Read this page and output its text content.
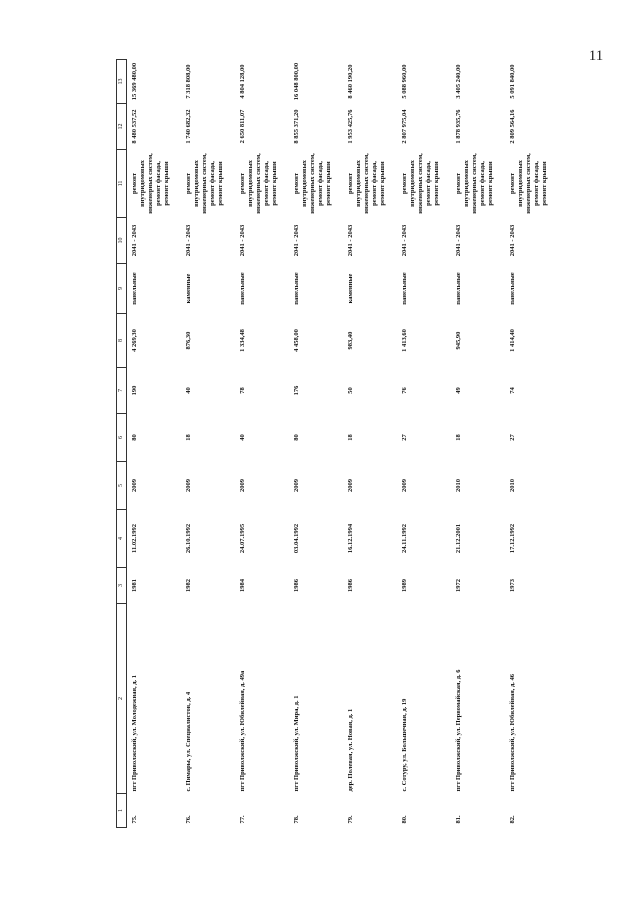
11
1	2	3	4	5	6	7	8	9	10	11	12	13
75.	пгт Приволжский, ул. Молодежная, д. 1	1981	11.02.1992	2009	80	190	4 269,30	панельные	2041 - 2043	ремонт внутридомовых инженерных систем, ремонт фасада, ремонт крыши	8 480 537,52	15 369 480,00
76.	с. Пимары, ул. Специалистов, д. 4	1982	26.10.1992	2009	18	40	876,30	каменные	2041 - 2043	ремонт внутридомовых инженерных систем, ремонт фасада, ремонт крыши	1 740 682,32	7 318 808,00
77.	пгт Приволжский, ул. Юбилейная, д. 49а	1984	24.07.1995	2009	40	78	1 334,48	панельные	2041 - 2043	ремонт внутридомовых инженерных систем, ремонт фасада, ремонт крыши	2 650 811,07	4 804 128,00
78.	пгт Приволжский, ул. Мира, д. 1	1986	03.04.1992	2009	80	176	4 458,00	панельные	2041 - 2043	ремонт внутридомовых инженерных систем, ремонт фасада, ремонт крыши	8 855 371,20	16 048 800,00
79.	дер. Полевая, ул. Новая, д. 1	1986	16.12.1994	2009	18	50	983,40	каменные	2041 - 2043	ремонт внутридомовых инженерных систем, ремонт фасада, ремонт крыши	1 953 425,76	8 460 190,20
80.	с. Сотуру, ул. Большечная, д. 19	1989	24.11.1992	2009	27	76	1 413,60	панельные	2041 - 2043	ремонт внутридомовых инженерных систем, ремонт фасада, ремонт крыши	2 807 975,04	5 088 960,00
81.	пгт Приволжский, ул. Первомайская, д. 6	1972	21.12.2001	2010	18	49	945,90	панельные	2041 - 2043	ремонт внутридомовых инженерных систем, ремонт фасада, ремонт крыши	1 878 935,76	3 405 240,00
82.	пгт Приволжский, ул. Юбилейная, д. 46	1973	17.12.1992	2010	27	74	1 414,40	панельные	2041 - 2043	ремонт внутридомовых инженерных систем, ремонт фасада, ремонт крыши	2 809 564,16	5 091 840,00
